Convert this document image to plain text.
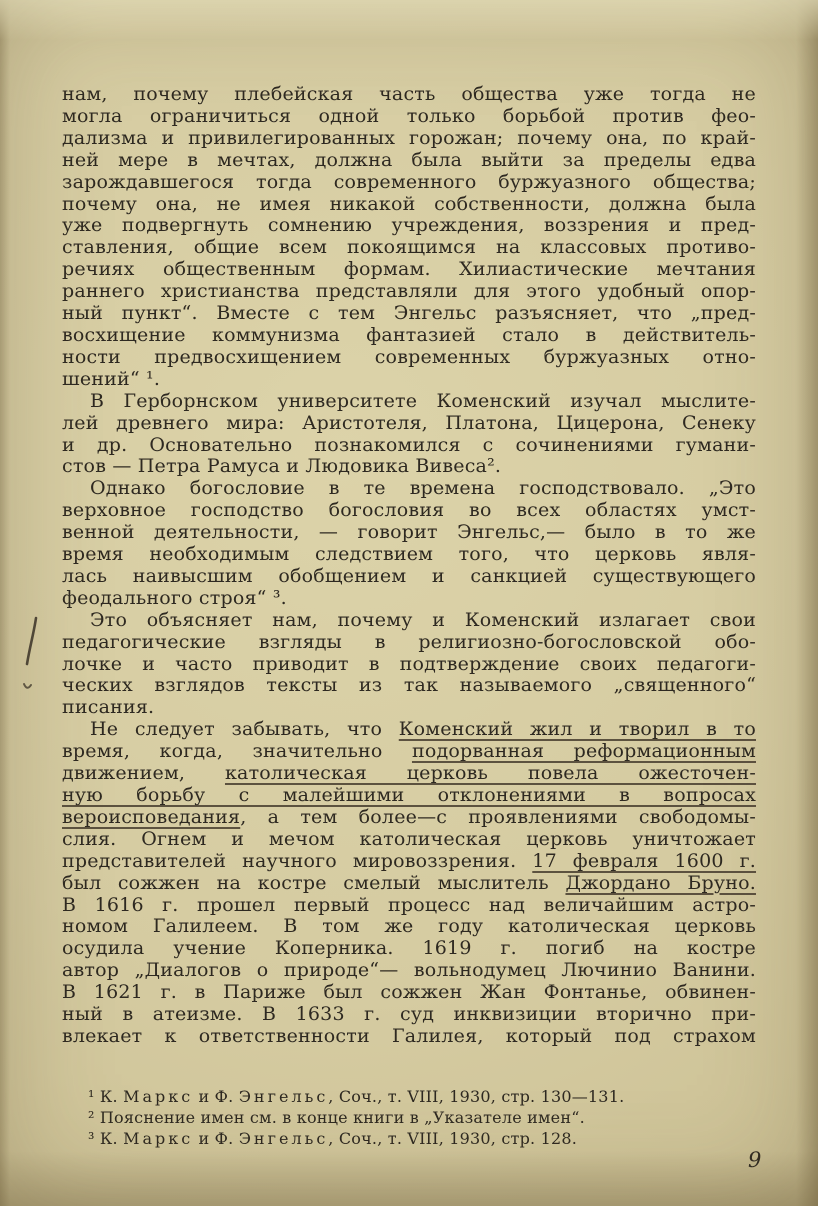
нам, почему плебейская часть общества уже тогда не
могла ограничиться одной только борьбой против фео-
дализма и привилегированных горожан; почему она, по край-
ней мере в мечтах, должна была выйти за пределы едва
зарождавшегося тогда современного буржуазного общества;
почему она, не имея никакой собственности, должна была
уже подвергнуть сомнению учреждения, воззрения и пред-
ставления, общие всем покоящимся на классовых противо-
речиях общественным формам. Хилиастические мечтания
раннего христианства представляли для этого удобный опор-
ный пункт“. Вместе с тем Энгельс разъясняет, что „пред-
восхищение коммунизма фантазией стало в действитель-
ности предвосхищением современных буржуазных отно-
шений“ ¹.
В Герборнском университете Коменский изучал мыслите-
лей древнего мира: Аристотеля, Платона, Цицерона, Сенеку
и др. Основательно познакомился с сочинениями гумани-
стов — Петра Рамуса и Людовика Вивеса².
Однако богословие в те времена господствовало. „Это
верховное господство богословия во всех областях умст-
венной деятельности, — говорит Энгельс,— было в то же
время необходимым следствием того, что церковь явля-
лась наивысшим обобщением и санкцией существующего
феодального строя“ ³.
Это объясняет нам, почему и Коменский излагает свои
педагогические взгляды в религиозно-богословской обо-
лочке и часто приводит в подтверждение своих педагоги-
ческих взглядов тексты из так называемого „священного“
писания.
Не следует забывать, что Коменский жил и творил в то
время, когда, значительно подорванная реформационным
движением, католическая церковь повела ожесточен-
ную борьбу с малейшими отклонениями в вопросах
вероисповедания, а тем более—с проявлениями свободомы-
слия. Огнем и мечом католическая церковь уничтожает
представителей научного мировоззрения. 17 февраля 1600 г.
был сожжен на костре смелый мыслитель Джордано Бруно.
В 1616 г. прошел первый процесс над величайшим астро-
номом Галилеем. В том же году католическая церковь
осудила учение Коперника. 1619 г. погиб на костре
автор „Диалогов о природе“— вольнодумец Лючинио Ванини.
В 1621 г. в Париже был сожжен Жан Фонтанье, обвинен-
ный в атеизме. В 1633 г. суд инквизиции вторично при-
влекает к ответственности Галилея, который под страхом
¹ К. Маркс и Ф. Энгельс, Соч., т. VIII, 1930, стр. 130—131.
² Пояснение имен см. в конце книги в „Указателе имен“.
³ К. Маркс и Ф. Энгельс, Соч., т. VIII, 1930, стр. 128.
9
